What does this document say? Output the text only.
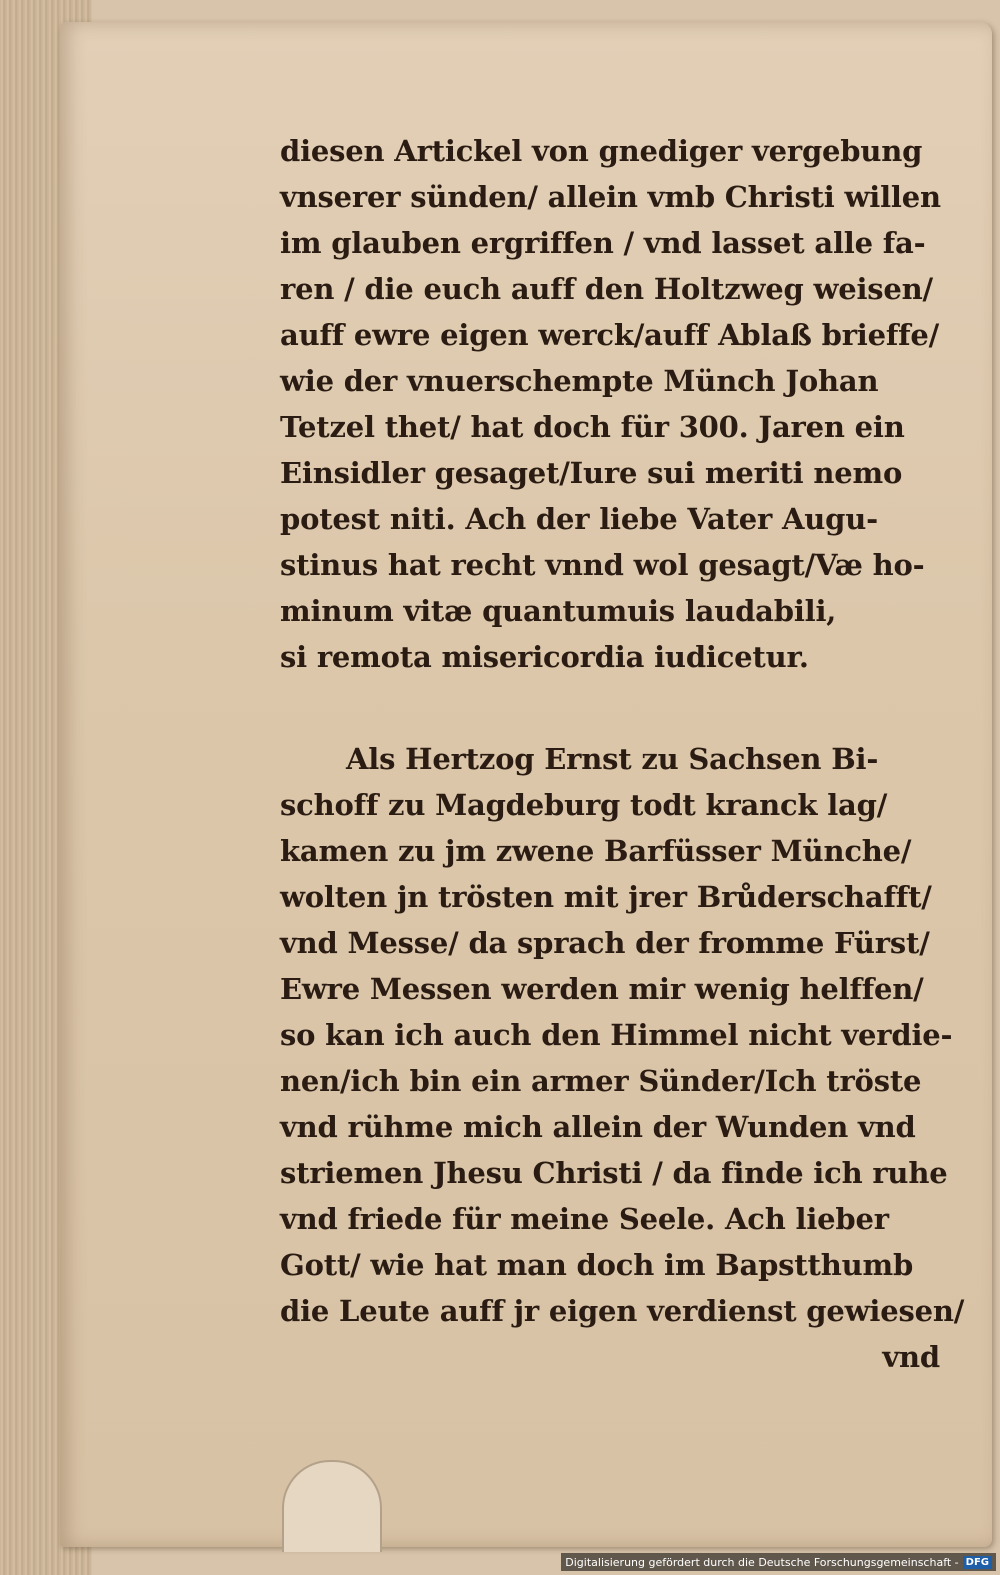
diesen Artickel von gnediger vergebung

vnserer sünden/ allein vmb Christi willen

im glauben ergriffen / vnd lasset alle fa-

ren / die euch auff den Holtzweg weisen/

auff ewre eigen werck/auff Ablaß brieffe/

wie der vnuerschempte Münch Johan

Tetzel thet/ hat doch für 300. Jaren ein

Einsidler gesaget/Iure sui meriti nemo

potest niti. Ach der liebe Vater Augu-

stinus hat recht vnnd wol gesagt/Væ ho-

minum vitæ quantumuis laudabili,

si remota misericordia iudicetur.

Als Hertzog Ernst zu Sachsen Bi-

schoff zu Magdeburg todt kranck lag/

kamen zu jm zwene Barfüsser Münche/

wolten jn trösten mit jrer Brůderschafft/

vnd Messe/ da sprach der fromme Fürst/

Ewre Messen werden mir wenig helffen/

so kan ich auch den Himmel nicht verdie-

nen/ich bin ein armer Sünder/Ich tröste

vnd rühme mich allein der Wunden vnd

striemen Jhesu Christi / da finde ich ruhe

vnd friede für meine Seele. Ach lieber

Gott/ wie hat man doch im Bapstthumb

die Leute auff jr eigen verdienst gewiesen/

vnd

Digitalisierung gefördert durch die Deutsche Forschungsgemeinschaft - DFG
